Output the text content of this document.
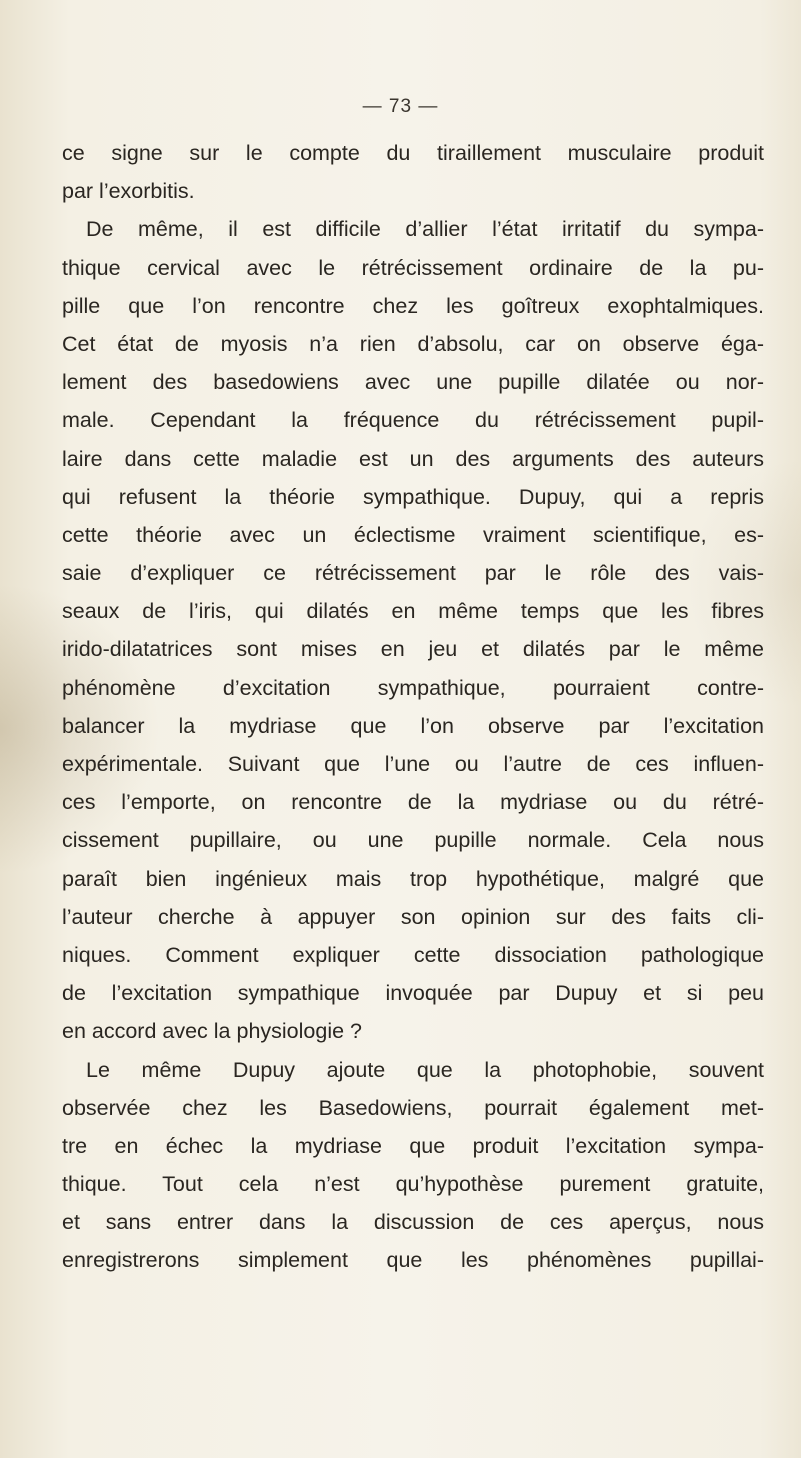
— 73 —
ce signe sur le compte du tiraillement musculaire produit
par l’exorbitis.
De même, il est difficile d’allier l’état irritatif du sympa-
thique cervical avec le rétrécissement ordinaire de la pu-
pille que l’on rencontre chez les goîtreux exophtalmiques.
Cet état de myosis n’a rien d’absolu, car on observe éga-
lement des basedowiens avec une pupille dilatée ou nor-
male. Cependant la fréquence du rétrécissement pupil-
laire dans cette maladie est un des arguments des auteurs
qui refusent la théorie sympathique. Dupuy, qui a repris
cette théorie avec un éclectisme vraiment scientifique, es-
saie d’expliquer ce rétrécissement par le rôle des vais-
seaux de l’iris, qui dilatés en même temps que les fibres
irido-dilatatrices sont mises en jeu et dilatés par le même
phénomène d’excitation sympathique, pourraient contre-
balancer la mydriase que l’on observe par l’excitation
expérimentale. Suivant que l’une ou l’autre de ces influen-
ces l’emporte, on rencontre de la mydriase ou du rétré-
cissement pupillaire, ou une pupille normale. Cela nous
paraît bien ingénieux mais trop hypothétique, malgré que
l’auteur cherche à appuyer son opinion sur des faits cli-
niques. Comment expliquer cette dissociation pathologique
de l’excitation sympathique invoquée par Dupuy et si peu
en accord avec la physiologie ?
Le même Dupuy ajoute que la photophobie, souvent
observée chez les Basedowiens, pourrait également met-
tre en échec la mydriase que produit l’excitation sympa-
thique. Tout cela n’est qu’hypothèse purement gratuite,
et sans entrer dans la discussion de ces aperçus, nous
enregistrerons simplement que les phénomènes pupillai-
